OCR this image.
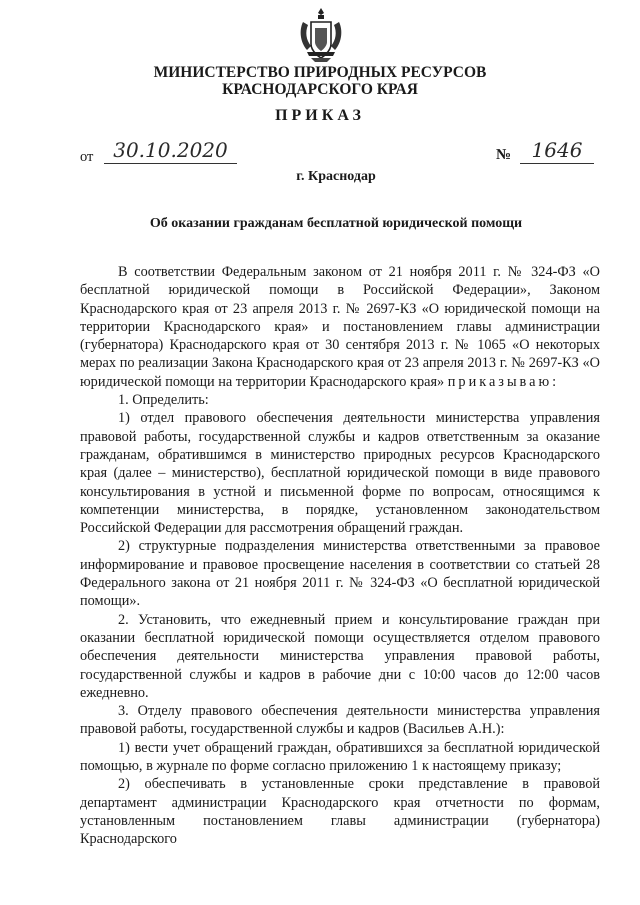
МИНИСТЕРСТВО ПРИРОДНЫХ РЕСУРСОВ
КРАСНОДАРСКОГО КРАЯ
ПРИКАЗ
от 30.10.2020	№	1646
г. Краснодар
Об оказании гражданам бесплатной юридической помощи

В соответствии Федеральным законом от 21 ноября 2011 г. № 324-ФЗ «О бесплатной юридической помощи в Российской Федерации», Законом Краснодарского края от 23 апреля 2013 г. № 2697-КЗ «О юридической помощи на территории Краснодарского края» и постановлением главы администрации (губернатора) Краснодарского края от 30 сентября 2013 г. № 1065 «О некоторых мерах по реализации Закона Краснодарского края от 23 апреля 2013 г. № 2697-КЗ «О юридической помощи на территории Краснодарского края» приказываю:

1. Определить:

1) отдел правового обеспечения деятельности министерства управления правовой работы, государственной службы и кадров ответственным за оказание гражданам, обратившимся в министерство природных ресурсов Краснодарского края (далее – министерство), бесплатной юридической помощи в виде правового консультирования в устной и письменной форме по вопросам, относящимся к компетенции министерства, в порядке, установленном законодательством Российской Федерации для рассмотрения обращений граждан.

2) структурные подразделения министерства ответственными за правовое информирование и правовое просвещение населения в соответствии со статьей 28 Федерального закона от 21 ноября 2011 г. № 324-ФЗ «О бесплатной юридической помощи».

2. Установить, что ежедневный прием и консультирование граждан при оказании бесплатной юридической помощи осуществляется отделом правового обеспечения деятельности министерства управления правовой работы, государственной службы и кадров в рабочие дни с 10:00 часов до 12:00 часов ежедневно.

3. Отделу правового обеспечения деятельности министерства управления правовой работы, государственной службы и кадров (Васильев А.Н.):

1) вести учет обращений граждан, обратившихся за бесплатной юридической помощью, в журнале по форме согласно приложению 1 к настоящему приказу;

2) обеспечивать в установленные сроки представление в правовой департамент администрации Краснодарского края отчетности по формам, установленным постановлением главы администрации (губернатора) Краснодарского
